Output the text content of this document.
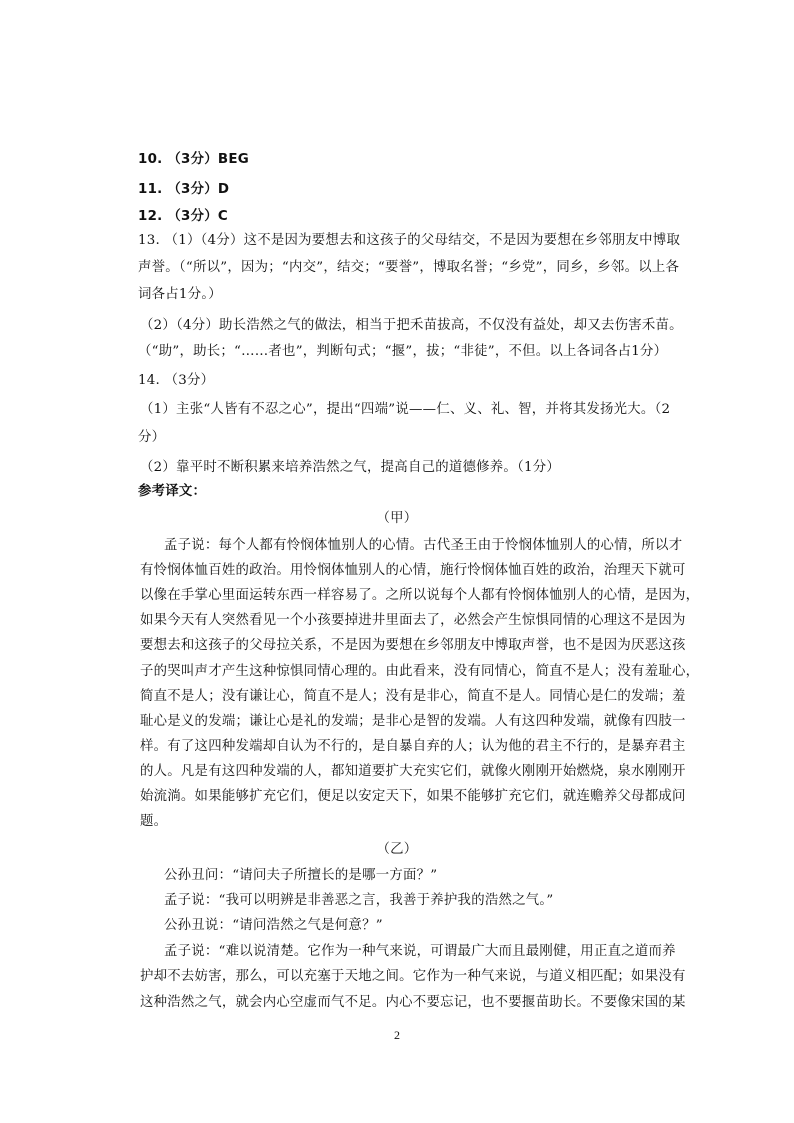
10. （3分）BEG
11. （3分）D
12. （3分）C
13. （1）（4分）这不是因为要想去和这孩子的父母结交，不是因为要想在乡邻朋友中博取
声誉。（“所以”，因为；“内交”，结交；“要誉”，博取名誉；“乡党”，同乡，乡邻。以上各
词各占1分。）
（2）（4分）助长浩然之气的做法，相当于把禾苗拔高，不仅没有益处，却又去伤害禾苗。
（“助”，助长；“……者也”，判断句式；“揠”，拔；“非徒”，不但。以上各词各占1分）
14. （3分）
（1）主张“人皆有不忍之心”，提出“四端”说——仁、义、礼、智，并将其发扬光大。（2
分）
（2）靠平时不断积累来培养浩然之气，提高自己的道德修养。（1分）
参考译文：
（甲）
孟子说：每个人都有怜悯体恤别人的心情。古代圣王由于怜悯体恤别人的心情，所以才
有怜悯体恤百姓的政治。用怜悯体恤别人的心情，施行怜悯体恤百姓的政治，治理天下就可
以像在手掌心里面运转东西一样容易了。之所以说每个人都有怜悯体恤别人的心情，是因为，
如果今天有人突然看见一个小孩要掉进井里面去了，必然会产生惊惧同情的心理这不是因为
要想去和这孩子的父母拉关系，不是因为要想在乡邻朋友中博取声誉，也不是因为厌恶这孩
子的哭叫声才产生这种惊惧同情心理的。由此看来，没有同情心，简直不是人；没有羞耻心，
简直不是人；没有谦让心，简直不是人；没有是非心，简直不是人。同情心是仁的发端；羞
耻心是义的发端；谦让心是礼的发端；是非心是智的发端。人有这四种发端，就像有四肢一
样。有了这四种发端却自认为不行的，是自暴自弃的人；认为他的君主不行的，是暴弃君主
的人。凡是有这四种发端的人，都知道要扩大充实它们，就像火刚刚开始燃烧，泉水刚刚开
始流淌。如果能够扩充它们，便足以安定天下，如果不能够扩充它们，就连赡养父母都成问
题。
（乙）
公孙丑问：“请问夫子所擅长的是哪一方面？”
孟子说：“我可以明辨是非善恶之言，我善于养护我的浩然之气。”
公孙丑说：“请问浩然之气是何意？”
孟子说：“难以说清楚。它作为一种气来说，可谓最广大而且最刚健，用正直之道而养
护却不去妨害，那么，可以充塞于天地之间。它作为一种气来说，与道义相匹配；如果没有
这种浩然之气，就会内心空虚而气不足。内心不要忘记，也不要揠苗助长。不要像宋国的某
2
